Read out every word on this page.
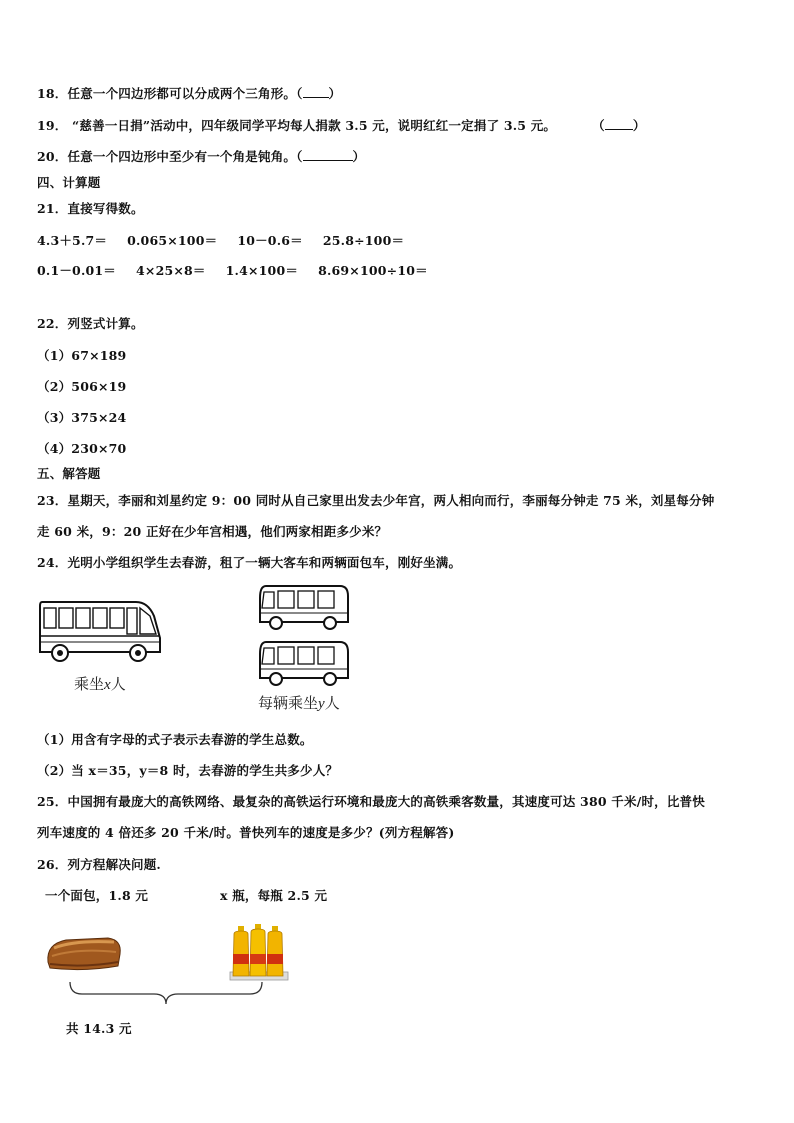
18．任意一个四边形都可以分成两个三角形。（ ）
19． “慈善一日捐”活动中，四年级同学平均每人捐款 3.5 元，说明红红一定捐了 3.5 元。	（ ）
20．任意一个四边形中至少有一个角是钝角。（	）
四、计算题
21．直接写得数。
4.3＋5.7＝ 0.065×100＝ 10－0.6＝ 25.8÷100＝
0.1－0.01＝ 4×25×8＝ 1.4×100＝ 8.69×100÷10＝
22．列竖式计算。
（1）67×189
（2）506×19
（3）375×24
（4）230×70
五、解答题
23．星期天，李丽和刘星约定 9：00 同时从自己家里出发去少年宫，两人相向而行，李丽每分钟走 75 米，刘星每分钟
走 60 米，9：20 正好在少年宫相遇，他们两家相距多少米？
24．光明小学组织学生去春游，租了一辆大客车和两辆面包车，刚好坐满。
乘坐x人
每辆乘坐y人
（1）用含有字母的式子表示去春游的学生总数。
（2）当 x＝35，y＝8 时，去春游的学生共多少人？
25．中国拥有最庞大的高铁网络、最复杂的高铁运行环境和最庞大的高铁乘客数量，其速度可达 380 千米/时，比普快
列车速度的 4 倍还多 20 千米/时。普快列车的速度是多少？(列方程解答)
26．列方程解决问题.
一个面包，1.8 元	x 瓶，每瓶 2.5 元
共 14.3 元
